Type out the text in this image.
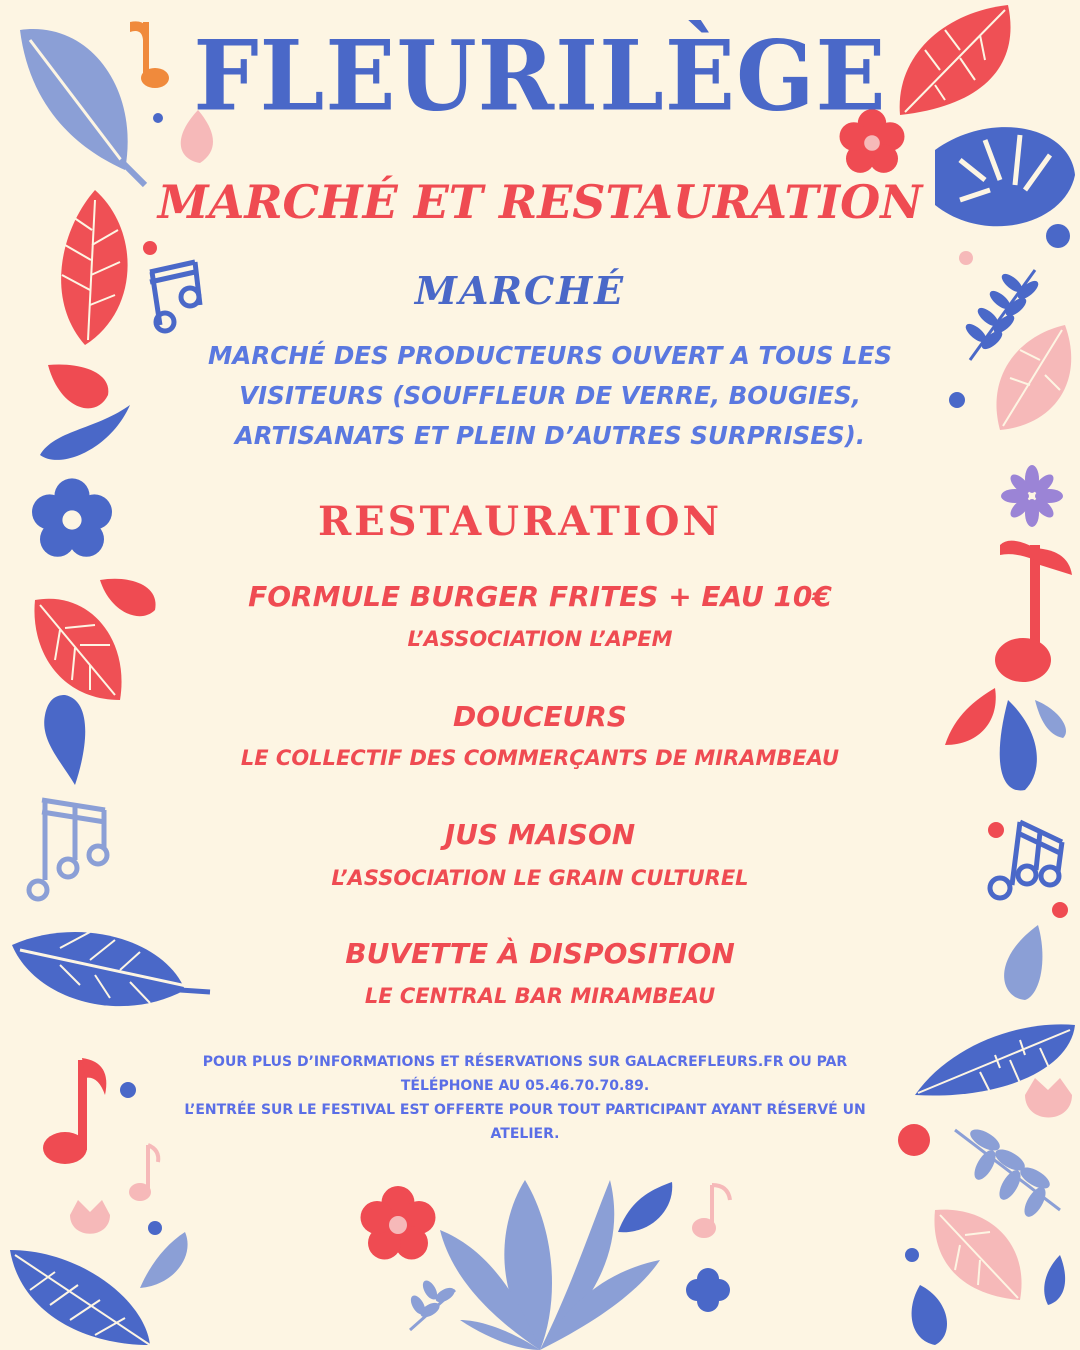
FLEURILÈGE
MARCHÉ ET RESTAURATION
MARCHÉ

MARCHÉ DES PRODUCTEURS OUVERT A TOUS LES VISITEURS (SOUFFLEUR DE VERRE, BOUGIES, ARTISANATS ET PLEIN D’AUTRES SURPRISES).

RESTAURATION
FORMULE BURGER FRITES + EAU 10€
L’ASSOCIATION L’APEM
DOUCEURS
LE COLLECTIF DES COMMERÇANTS DE MIRAMBEAU
JUS MAISON
L’ASSOCIATION LE GRAIN CULTUREL
BUVETTE À DISPOSITION
LE CENTRAL BAR MIRAMBEAU
POUR PLUS D’INFORMATIONS ET RÉSERVATIONS SUR GALACREFLEURS.FR OU PAR TÉLÉPHONE AU 05.46.70.70.89.
L’ENTRÉE SUR LE FESTIVAL EST OFFERTE POUR TOUT PARTICIPANT AYANT RÉSERVÉ UN ATELIER.
